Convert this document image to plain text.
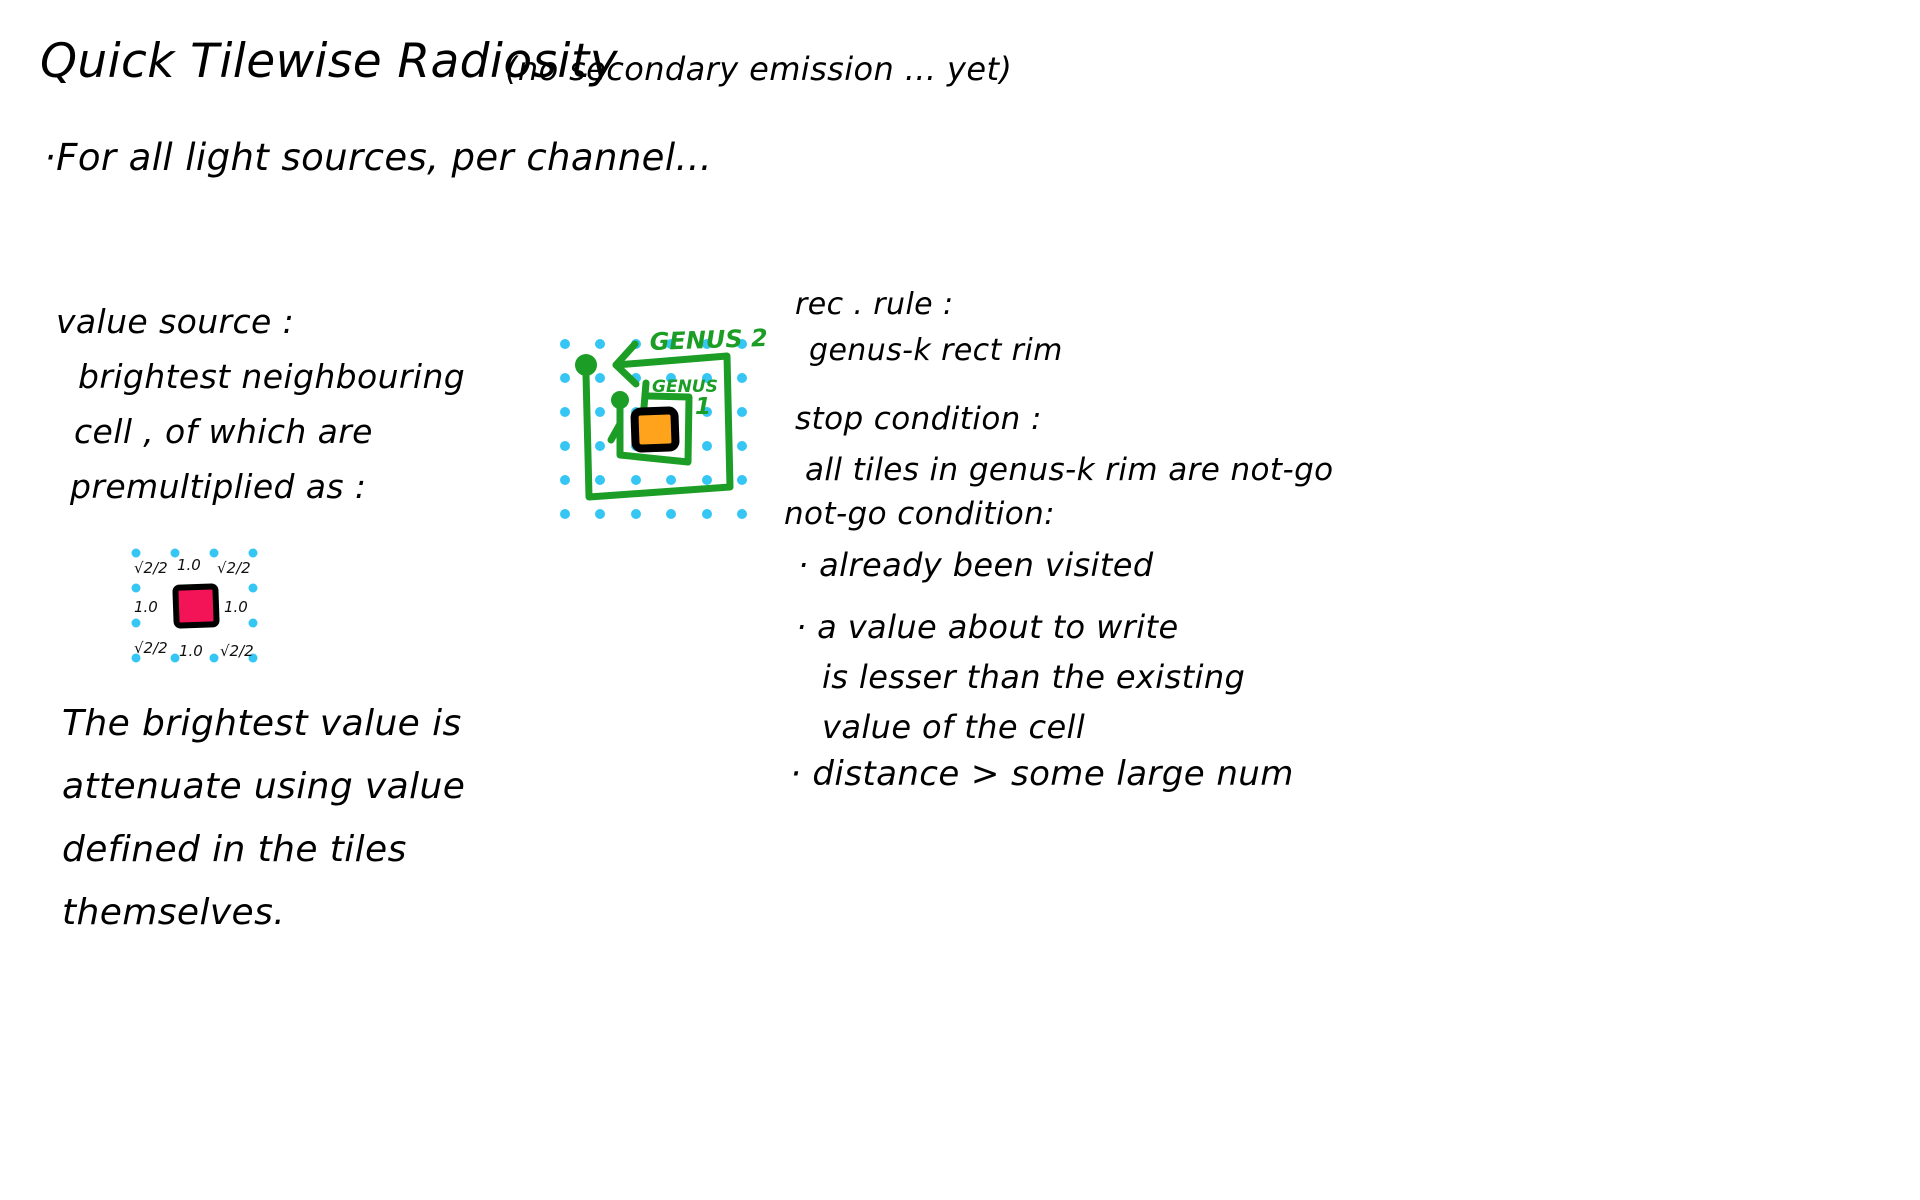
Quick Tilewise Radiosity
(no secondary emission ... yet)
·For all light sources, per channel...
value source :
brightest neighbouring
cell , of which are
premultiplied as :
√2/2 1.0 √2/2
1.0	1.0
√2/2 1.0 √2/2
The brightest value is
attenuate using value
defined in the tiles
themselves.
GENUS 2
GENUS
1
rec . rule :
genus-k rect rim
stop condition :
all tiles in genus-k rim are not-go
not-go condition:
· already been visited
· a value about to write
is lesser than the existing
value of the cell
· distance > some large num
